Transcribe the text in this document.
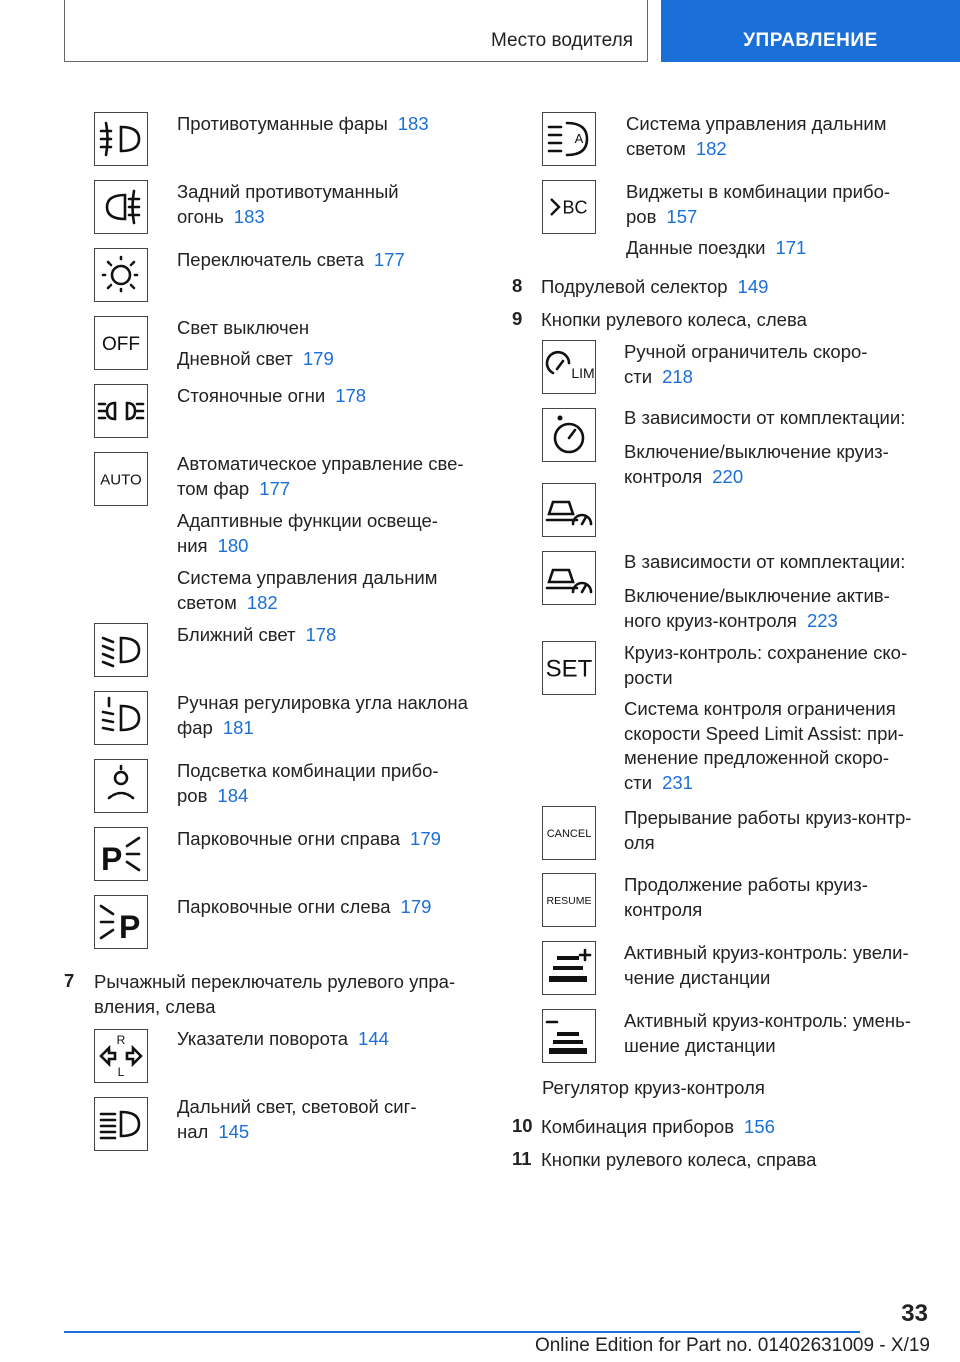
Место водителя	УПРАВЛЕНИЕ
Противотуманные фары 183
Задний противотуманный
огонь 183
Переключатель света 177
OFF
Свет выключен
Дневной свет 179
Стояночные огни 178
AUTO
Автоматическое управление све-
том фар 177
Адаптивные функции освеще-
ния 180
Система управления дальним
светом 182
Ближний свет 178
Ручная регулировка угла наклона
фар 181
Подсветка комбинации прибо-
ров 184
P
Парковочные огни справа 179
P
Парковочные огни слева 179
7 Рычажный переключатель рулевого упра-
вления, слева
R
L
Указатели поворота 144
Дальний свет, световой сиг-
нал 145
A
Система управления дальним
светом 182
BC
Виджеты в комбинации прибо-
ров 157
Данные поездки 171
8 Подрулевой селектор 149
9 Кнопки рулевого колеса, слева
LIM
Ручной ограничитель скоро-
сти 218
В зависимости от комплектации:
Включение/выключение круиз-
контроля 220
В зависимости от комплектации:
Включение/выключение актив-
ного круиз-контроля 223
SET
Круиз-контроль: сохранение ско-
рости
Система контроля ограничения
скорости Speed Limit Assist: при-
менение предложенной скоро-
сти 231
CANCEL
Прерывание работы круиз-контр-
оля
RESUME
Продолжение работы круиз-
контроля
Активный круиз-контроль: увели-
чение дистанции
Активный круиз-контроль: умень-
шение дистанции
Регулятор круиз-контроля
10 Комбинация приборов 156
11 Кнопки рулевого колеса, справа
33
Online Edition for Part no. 01402631009 - X/19
